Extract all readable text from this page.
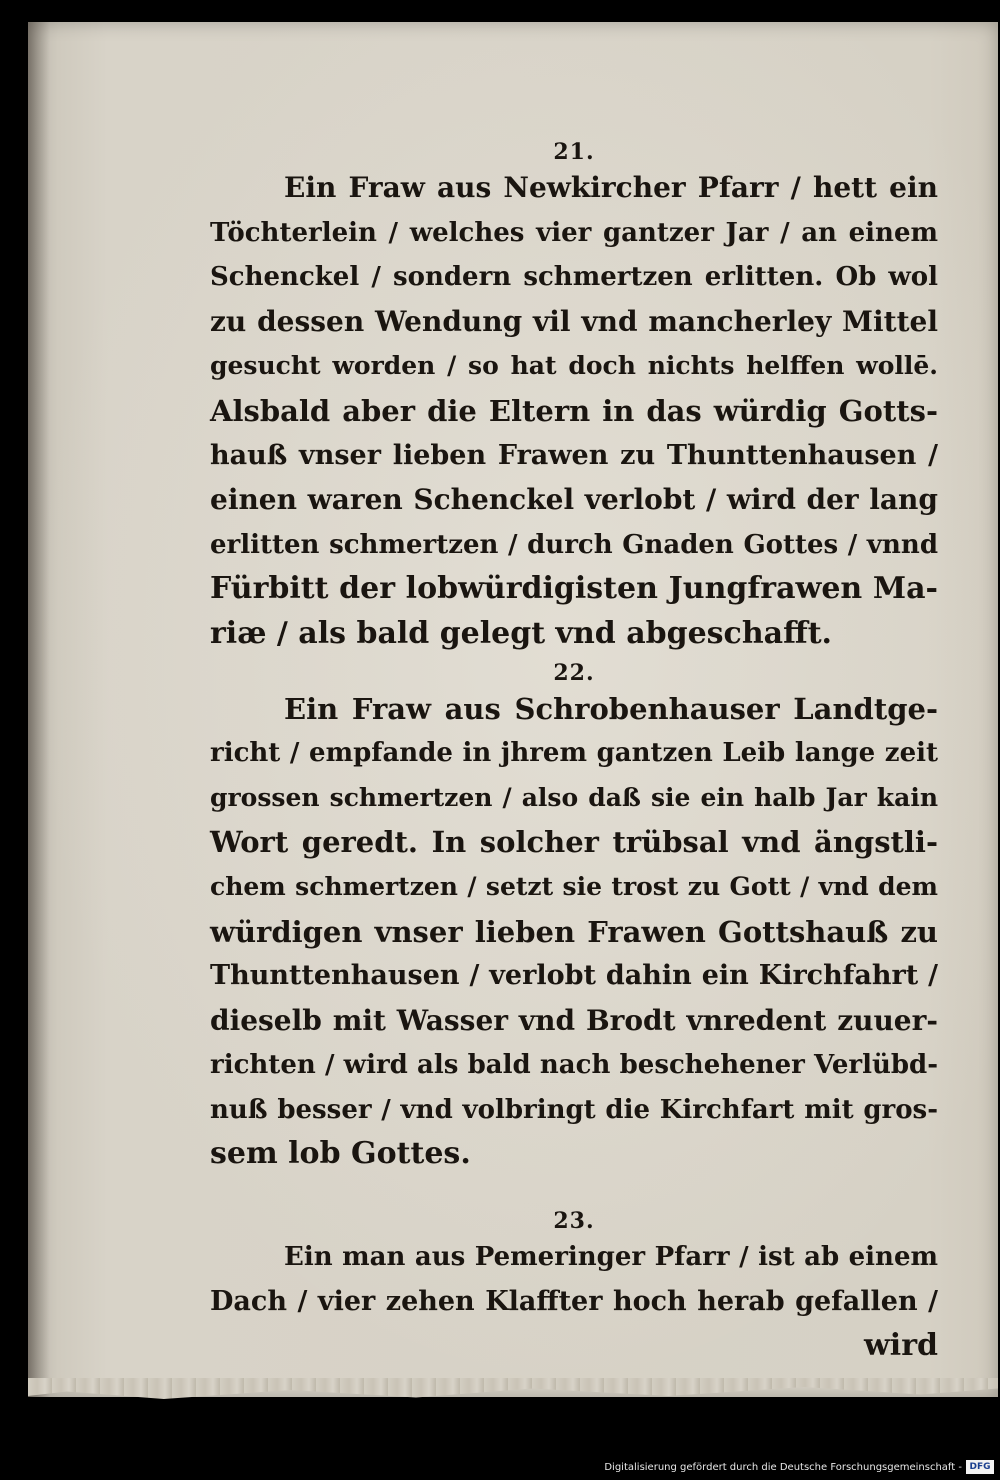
21.
Ein Fraw aus Newkircher Pfarr / hett ein
Töchterlein / welches vier gantzer Jar / an einem
Schenckel / sondern schmertzen erlitten. Ob wol
zu dessen Wendung vil vnd mancherley Mittel
gesucht worden / so hat doch nichts helffen wollē.
Alsbald aber die Eltern in das würdig Gotts-
hauß vnser lieben Frawen zu Thunttenhausen /
einen waren Schenckel verlobt / wird der lang
erlitten schmertzen / durch Gnaden Gottes / vnnd
Fürbitt der lobwürdigisten Jungfrawen Ma-
riæ / als bald gelegt vnd abgeschafft.
22.
Ein Fraw aus Schrobenhauser Landtge-
richt / empfande in jhrem gantzen Leib lange zeit
grossen schmertzen / also daß sie ein halb Jar kain
Wort geredt. In solcher trübsal vnd ängstli-
chem schmertzen / setzt sie trost zu Gott / vnd dem
würdigen vnser lieben Frawen Gottshauß zu
Thunttenhausen / verlobt dahin ein Kirchfahrt /
dieselb mit Wasser vnd Brodt vnredent zuuer-
richten / wird als bald nach beschehener Verlübd-
nuß besser / vnd volbringt die Kirchfart mit gros-
sem lob Gottes.
23.
Ein man aus Pemeringer Pfarr / ist ab einem
Dach / vier zehen Klaffter hoch herab gefallen /
wird
Digitalisierung gefördert durch die Deutsche Forschungsgemeinschaft - DFG
